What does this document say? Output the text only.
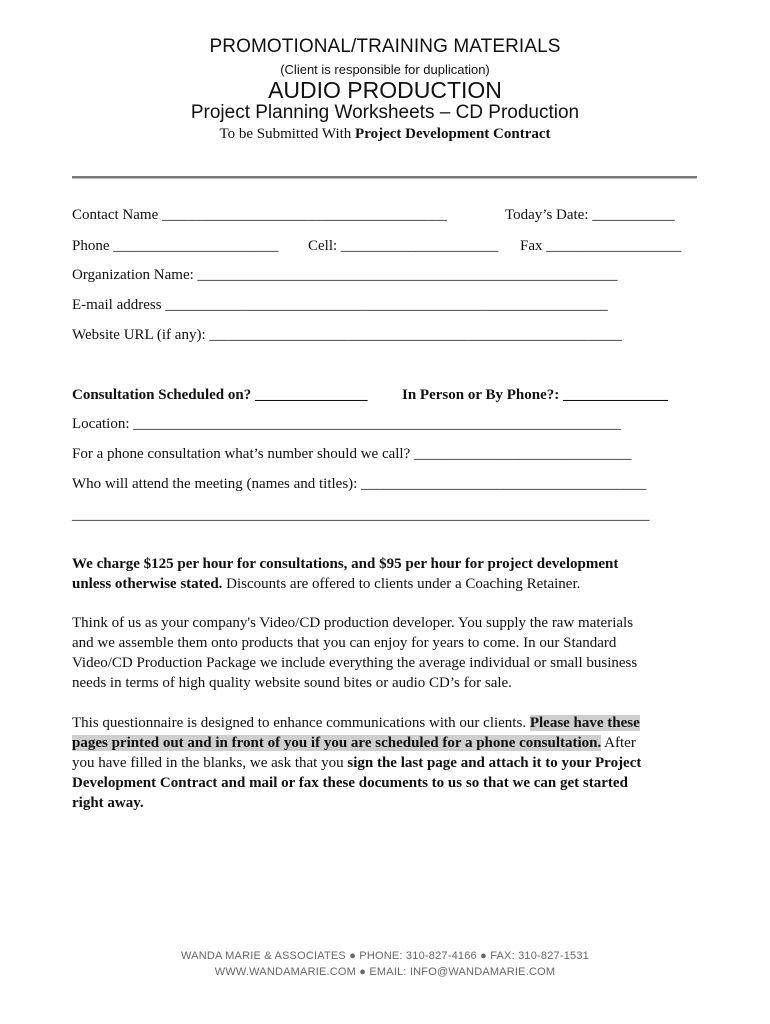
PROMOTIONAL/TRAINING MATERIALS
(Client is responsible for duplication)
AUDIO PRODUCTION
Project Planning Worksheets – CD Production
To be Submitted With Project Development Contract
Contact Name ______________________________________	Today’s Date: ___________
Phone ______________________ Cell: _____________________ Fax __________________
Organization Name: ________________________________________________________
E-mail address ___________________________________________________________
Website URL (if any): _______________________________________________________
Consultation Scheduled on? _______________ In Person or By Phone?: ______________
Location: _________________________________________________________________
For a phone consultation what’s number should we call? _____________________________
Who will attend the meeting (names and titles): ______________________________________
_____________________________________________________________________________
We charge $125 per hour for consultations, and $95 per hour for project development
unless otherwise stated. Discounts are offered to clients under a Coaching Retainer.
Think of us as your company's Video/CD production developer. You supply the raw materials
and we assemble them onto products that you can enjoy for years to come. In our Standard
Video/CD Production Package we include everything the average individual or small business
needs in terms of high quality website sound bites or audio CD’s for sale.
This questionnaire is designed to enhance communications with our clients. Please have these
pages printed out and in front of you if you are scheduled for a phone consultation. After
you have filled in the blanks, we ask that you sign the last page and attach it to your Project
Development Contract and mail or fax these documents to us so that we can get started
right away.
WANDA MARIE & ASSOCIATES ● PHONE: 310-827-4166 ● FAX: 310-827-1531
WWW.WANDAMARIE.COM ● EMAIL: INFO@WANDAMARIE.COM
